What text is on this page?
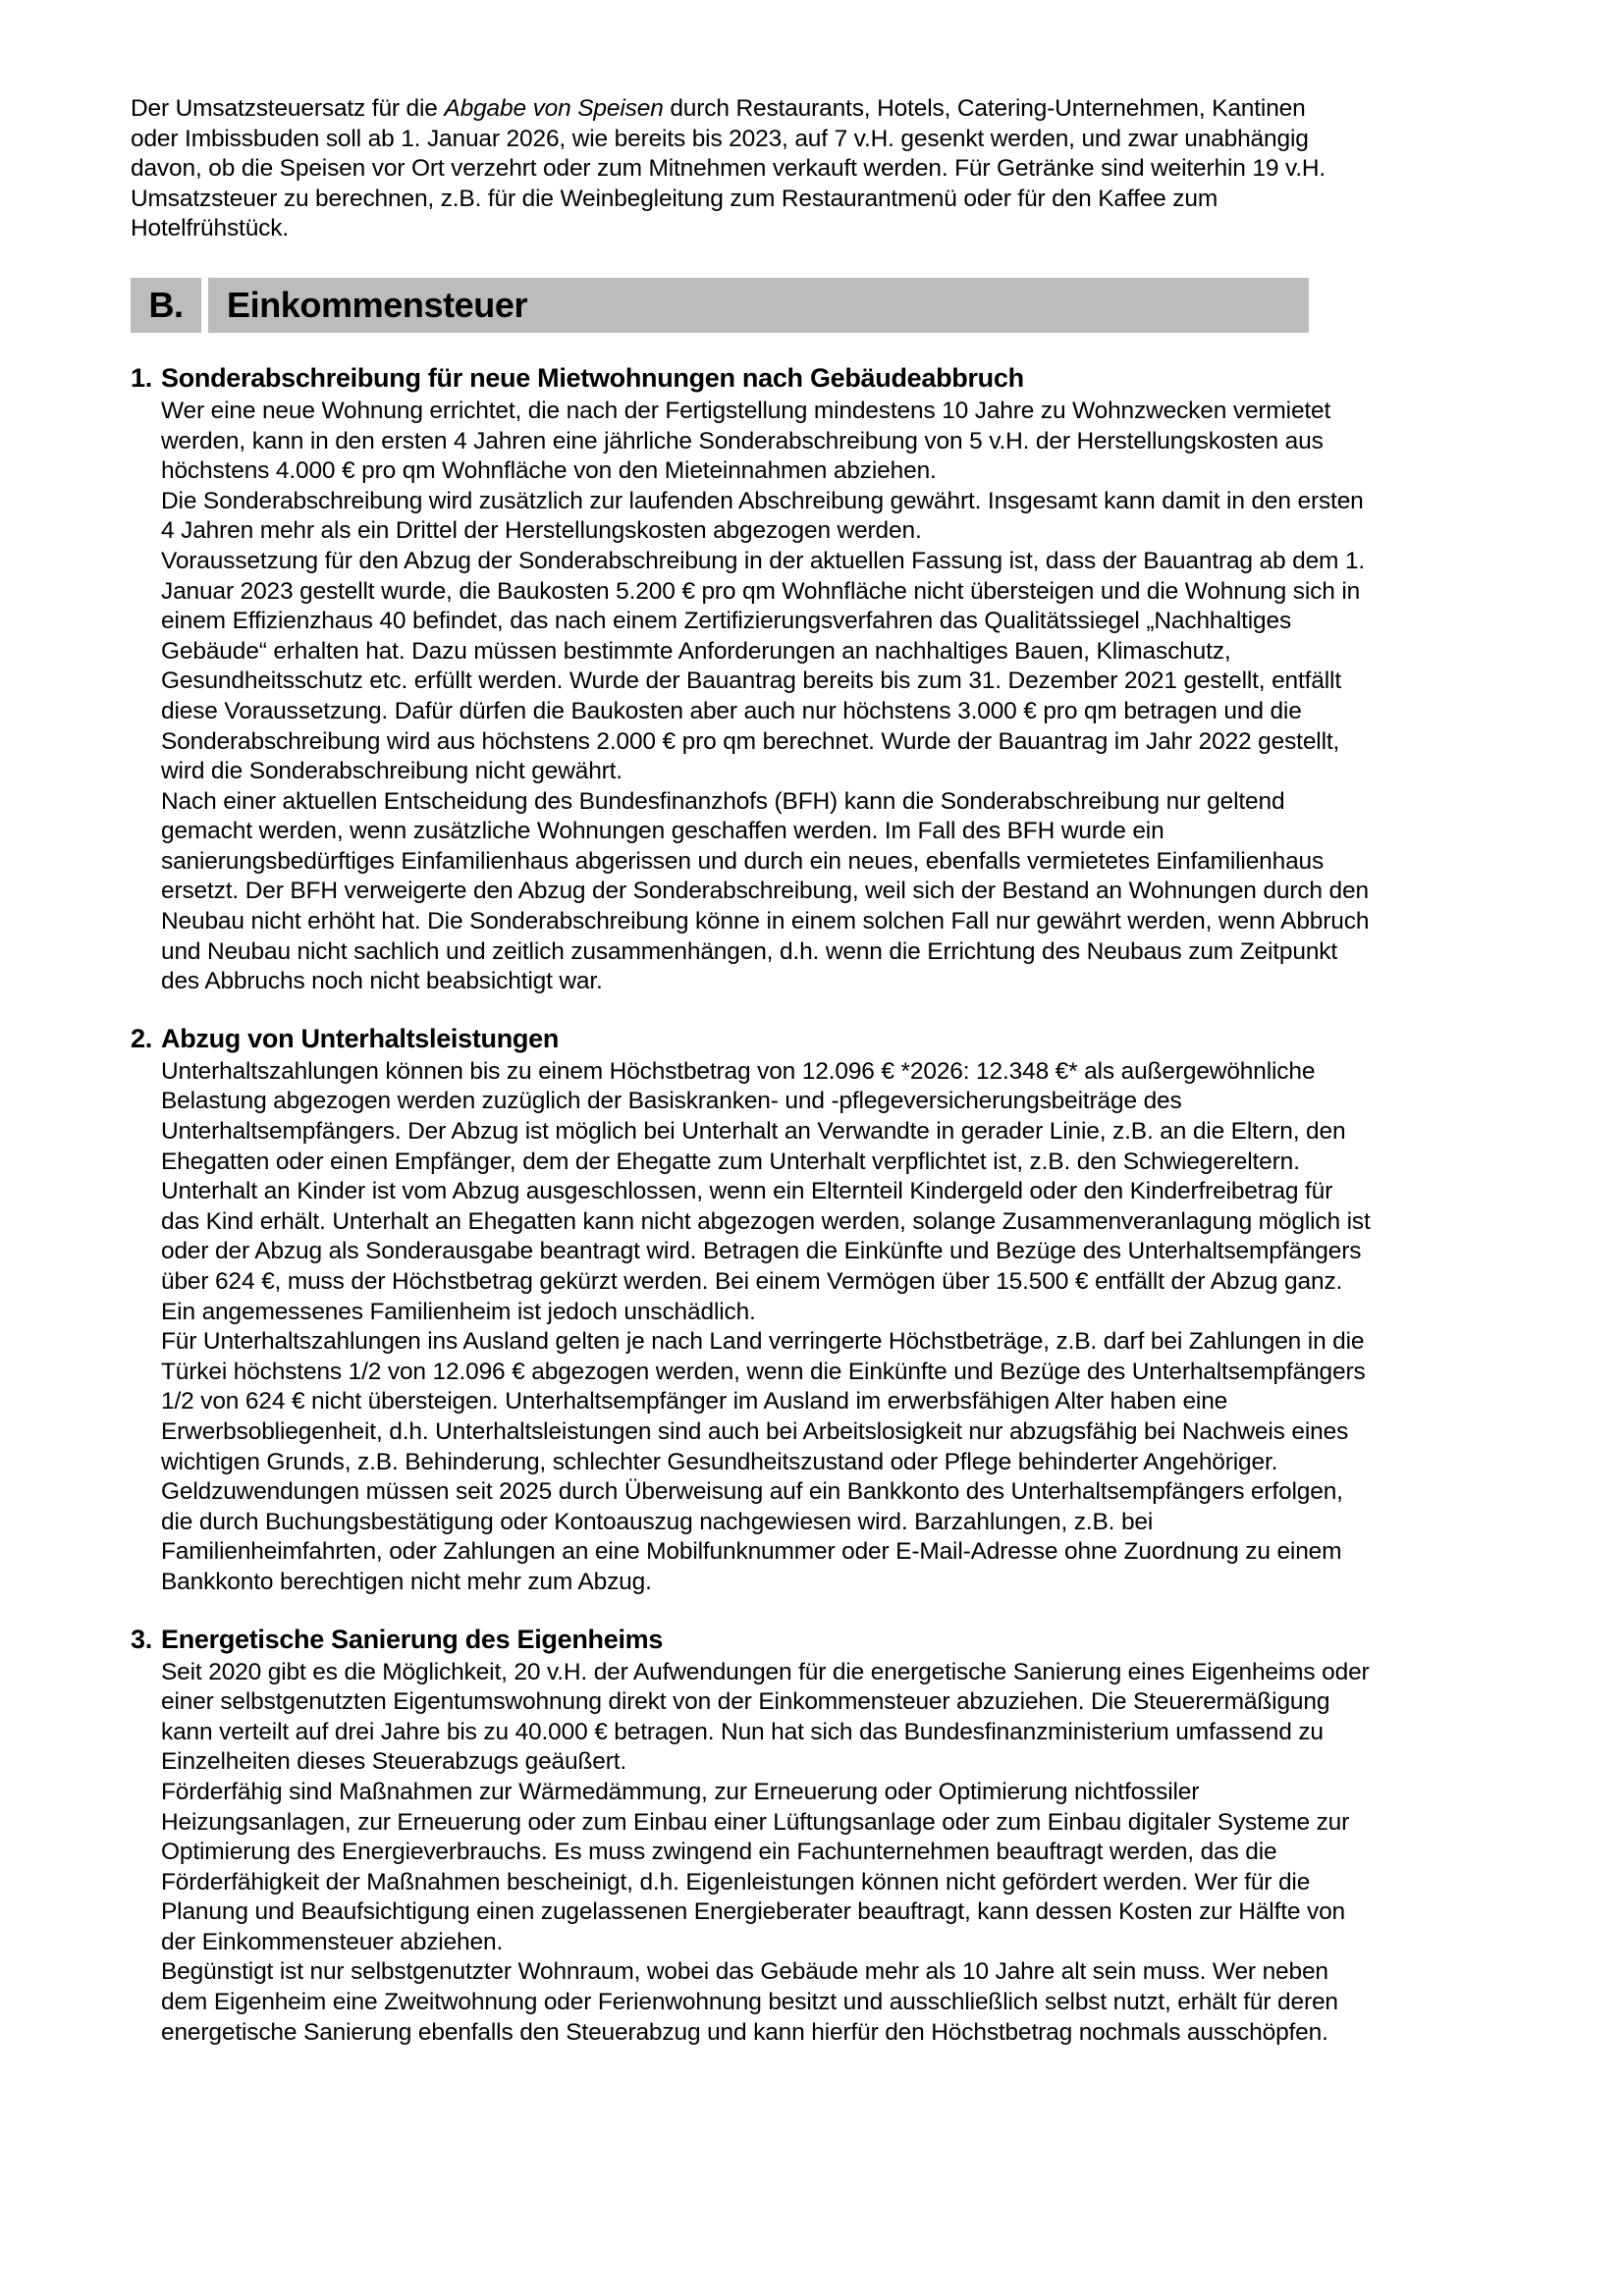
Der Umsatzsteuersatz für die Abgabe von Speisen durch Restaurants, Hotels, Catering-Unternehmen, Kantinen oder Imbissbuden soll ab 1. Januar 2026, wie bereits bis 2023, auf 7 v.H. gesenkt werden, und zwar unabhängig davon, ob die Speisen vor Ort verzehrt oder zum Mitnehmen verkauft werden. Für Getränke sind weiterhin 19 v.H. Umsatzsteuer zu berechnen, z.B. für die Weinbegleitung zum Restaurantmenü oder für den Kaffee zum Hotelfrühstück.

B.	Einkommensteuer
1. Sonderabschreibung für neue Mietwohnungen nach Gebäudeabbruch

Wer eine neue Wohnung errichtet, die nach der Fertigstellung mindestens 10 Jahre zu Wohnzwecken vermietet werden, kann in den ersten 4 Jahren eine jährliche Sonderabschreibung von 5 v.H. der Herstellungskosten aus höchstens 4.000 € pro qm Wohnfläche von den Mieteinnahmen abziehen.

Die Sonderabschreibung wird zusätzlich zur laufenden Abschreibung gewährt. Insgesamt kann damit in den ersten 4 Jahren mehr als ein Drittel der Herstellungskosten abgezogen werden.

Voraussetzung für den Abzug der Sonderabschreibung in der aktuellen Fassung ist, dass der Bauantrag ab dem 1. Januar 2023 gestellt wurde, die Baukosten 5.200 € pro qm Wohnfläche nicht übersteigen und die Wohnung sich in einem Effizienzhaus 40 befindet, das nach einem Zertifizierungsverfahren das Qualitätssiegel „Nachhaltiges Gebäude“ erhalten hat. Dazu müssen bestimmte Anforderungen an nachhaltiges Bauen, Klimaschutz, Gesundheitsschutz etc. erfüllt werden. Wurde der Bauantrag bereits bis zum 31. Dezember 2021 gestellt, entfällt diese Voraussetzung. Dafür dürfen die Baukosten aber auch nur höchstens 3.000 € pro qm betragen und die Sonderabschreibung wird aus höchstens 2.000 € pro qm berechnet. Wurde der Bauantrag im Jahr 2022 gestellt, wird die Sonderabschreibung nicht gewährt.

Nach einer aktuellen Entscheidung des Bundesfinanzhofs (BFH) kann die Sonderabschreibung nur geltend gemacht werden, wenn zusätzliche Wohnungen geschaffen werden. Im Fall des BFH wurde ein sanierungsbedürftiges Einfamilienhaus abgerissen und durch ein neues, ebenfalls vermietetes Einfamilienhaus ersetzt. Der BFH verweigerte den Abzug der Sonderabschreibung, weil sich der Bestand an Wohnungen durch den Neubau nicht erhöht hat. Die Sonderabschreibung könne in einem solchen Fall nur gewährt werden, wenn Abbruch und Neubau nicht sachlich und zeitlich zusammenhängen, d.h. wenn die Errichtung des Neubaus zum Zeitpunkt des Abbruchs noch nicht beabsichtigt war.

2. Abzug von Unterhaltsleistungen

Unterhaltszahlungen können bis zu einem Höchstbetrag von 12.096 € *2026: 12.348 €* als außergewöhnliche Belastung abgezogen werden zuzüglich der Basiskranken- und -pflegeversicherungsbeiträge des Unterhaltsempfängers. Der Abzug ist möglich bei Unterhalt an Verwandte in gerader Linie, z.B. an die Eltern, den Ehegatten oder einen Empfänger, dem der Ehegatte zum Unterhalt verpflichtet ist, z.B. den Schwiegereltern. Unterhalt an Kinder ist vom Abzug ausgeschlossen, wenn ein Elternteil Kindergeld oder den Kinderfreibetrag für das Kind erhält. Unterhalt an Ehegatten kann nicht abgezogen werden, solange Zusammenveranlagung möglich ist oder der Abzug als Sonderausgabe beantragt wird. Betragen die Einkünfte und Bezüge des Unterhaltsempfängers über 624 €, muss der Höchstbetrag gekürzt werden. Bei einem Vermögen über 15.500 € entfällt der Abzug ganz. Ein angemessenes Familienheim ist jedoch unschädlich.

Für Unterhaltszahlungen ins Ausland gelten je nach Land verringerte Höchstbeträge, z.B. darf bei Zahlungen in die Türkei höchstens 1/2 von 12.096 € abgezogen werden, wenn die Einkünfte und Bezüge des Unterhaltsempfängers 1/2 von 624 € nicht übersteigen. Unterhaltsempfänger im Ausland im erwerbsfähigen Alter haben eine Erwerbsobliegenheit, d.h. Unterhaltsleistungen sind auch bei Arbeitslosigkeit nur abzugsfähig bei Nachweis eines wichtigen Grunds, z.B. Behinderung, schlechter Gesundheitszustand oder Pflege behinderter Angehöriger.

Geldzuwendungen müssen seit 2025 durch Überweisung auf ein Bankkonto des Unterhaltsempfängers erfolgen, die durch Buchungsbestätigung oder Kontoauszug nachgewiesen wird. Barzahlungen, z.B. bei Familienheimfahrten, oder Zahlungen an eine Mobilfunknummer oder E-Mail-Adresse ohne Zuordnung zu einem Bankkonto berechtigen nicht mehr zum Abzug.

3. Energetische Sanierung des Eigenheims

Seit 2020 gibt es die Möglichkeit, 20 v.H. der Aufwendungen für die energetische Sanierung eines Eigenheims oder einer selbstgenutzten Eigentumswohnung direkt von der Einkommensteuer abzuziehen. Die Steuerermäßigung kann verteilt auf drei Jahre bis zu 40.000 € betragen. Nun hat sich das Bundesfinanzministerium umfassend zu Einzelheiten dieses Steuerabzugs geäußert.

Förderfähig sind Maßnahmen zur Wärmedämmung, zur Erneuerung oder Optimierung nichtfossiler Heizungsanlagen, zur Erneuerung oder zum Einbau einer Lüftungsanlage oder zum Einbau digitaler Systeme zur Optimierung des Energieverbrauchs. Es muss zwingend ein Fachunternehmen beauftragt werden, das die Förderfähigkeit der Maßnahmen bescheinigt, d.h. Eigenleistungen können nicht gefördert werden. Wer für die Planung und Beaufsichtigung einen zugelassenen Energieberater beauftragt, kann dessen Kosten zur Hälfte von der Einkommensteuer abziehen.

Begünstigt ist nur selbstgenutzter Wohnraum, wobei das Gebäude mehr als 10 Jahre alt sein muss. Wer neben dem Eigenheim eine Zweitwohnung oder Ferienwohnung besitzt und ausschließlich selbst nutzt, erhält für deren energetische Sanierung ebenfalls den Steuerabzug und kann hierfür den Höchstbetrag nochmals ausschöpfen.
